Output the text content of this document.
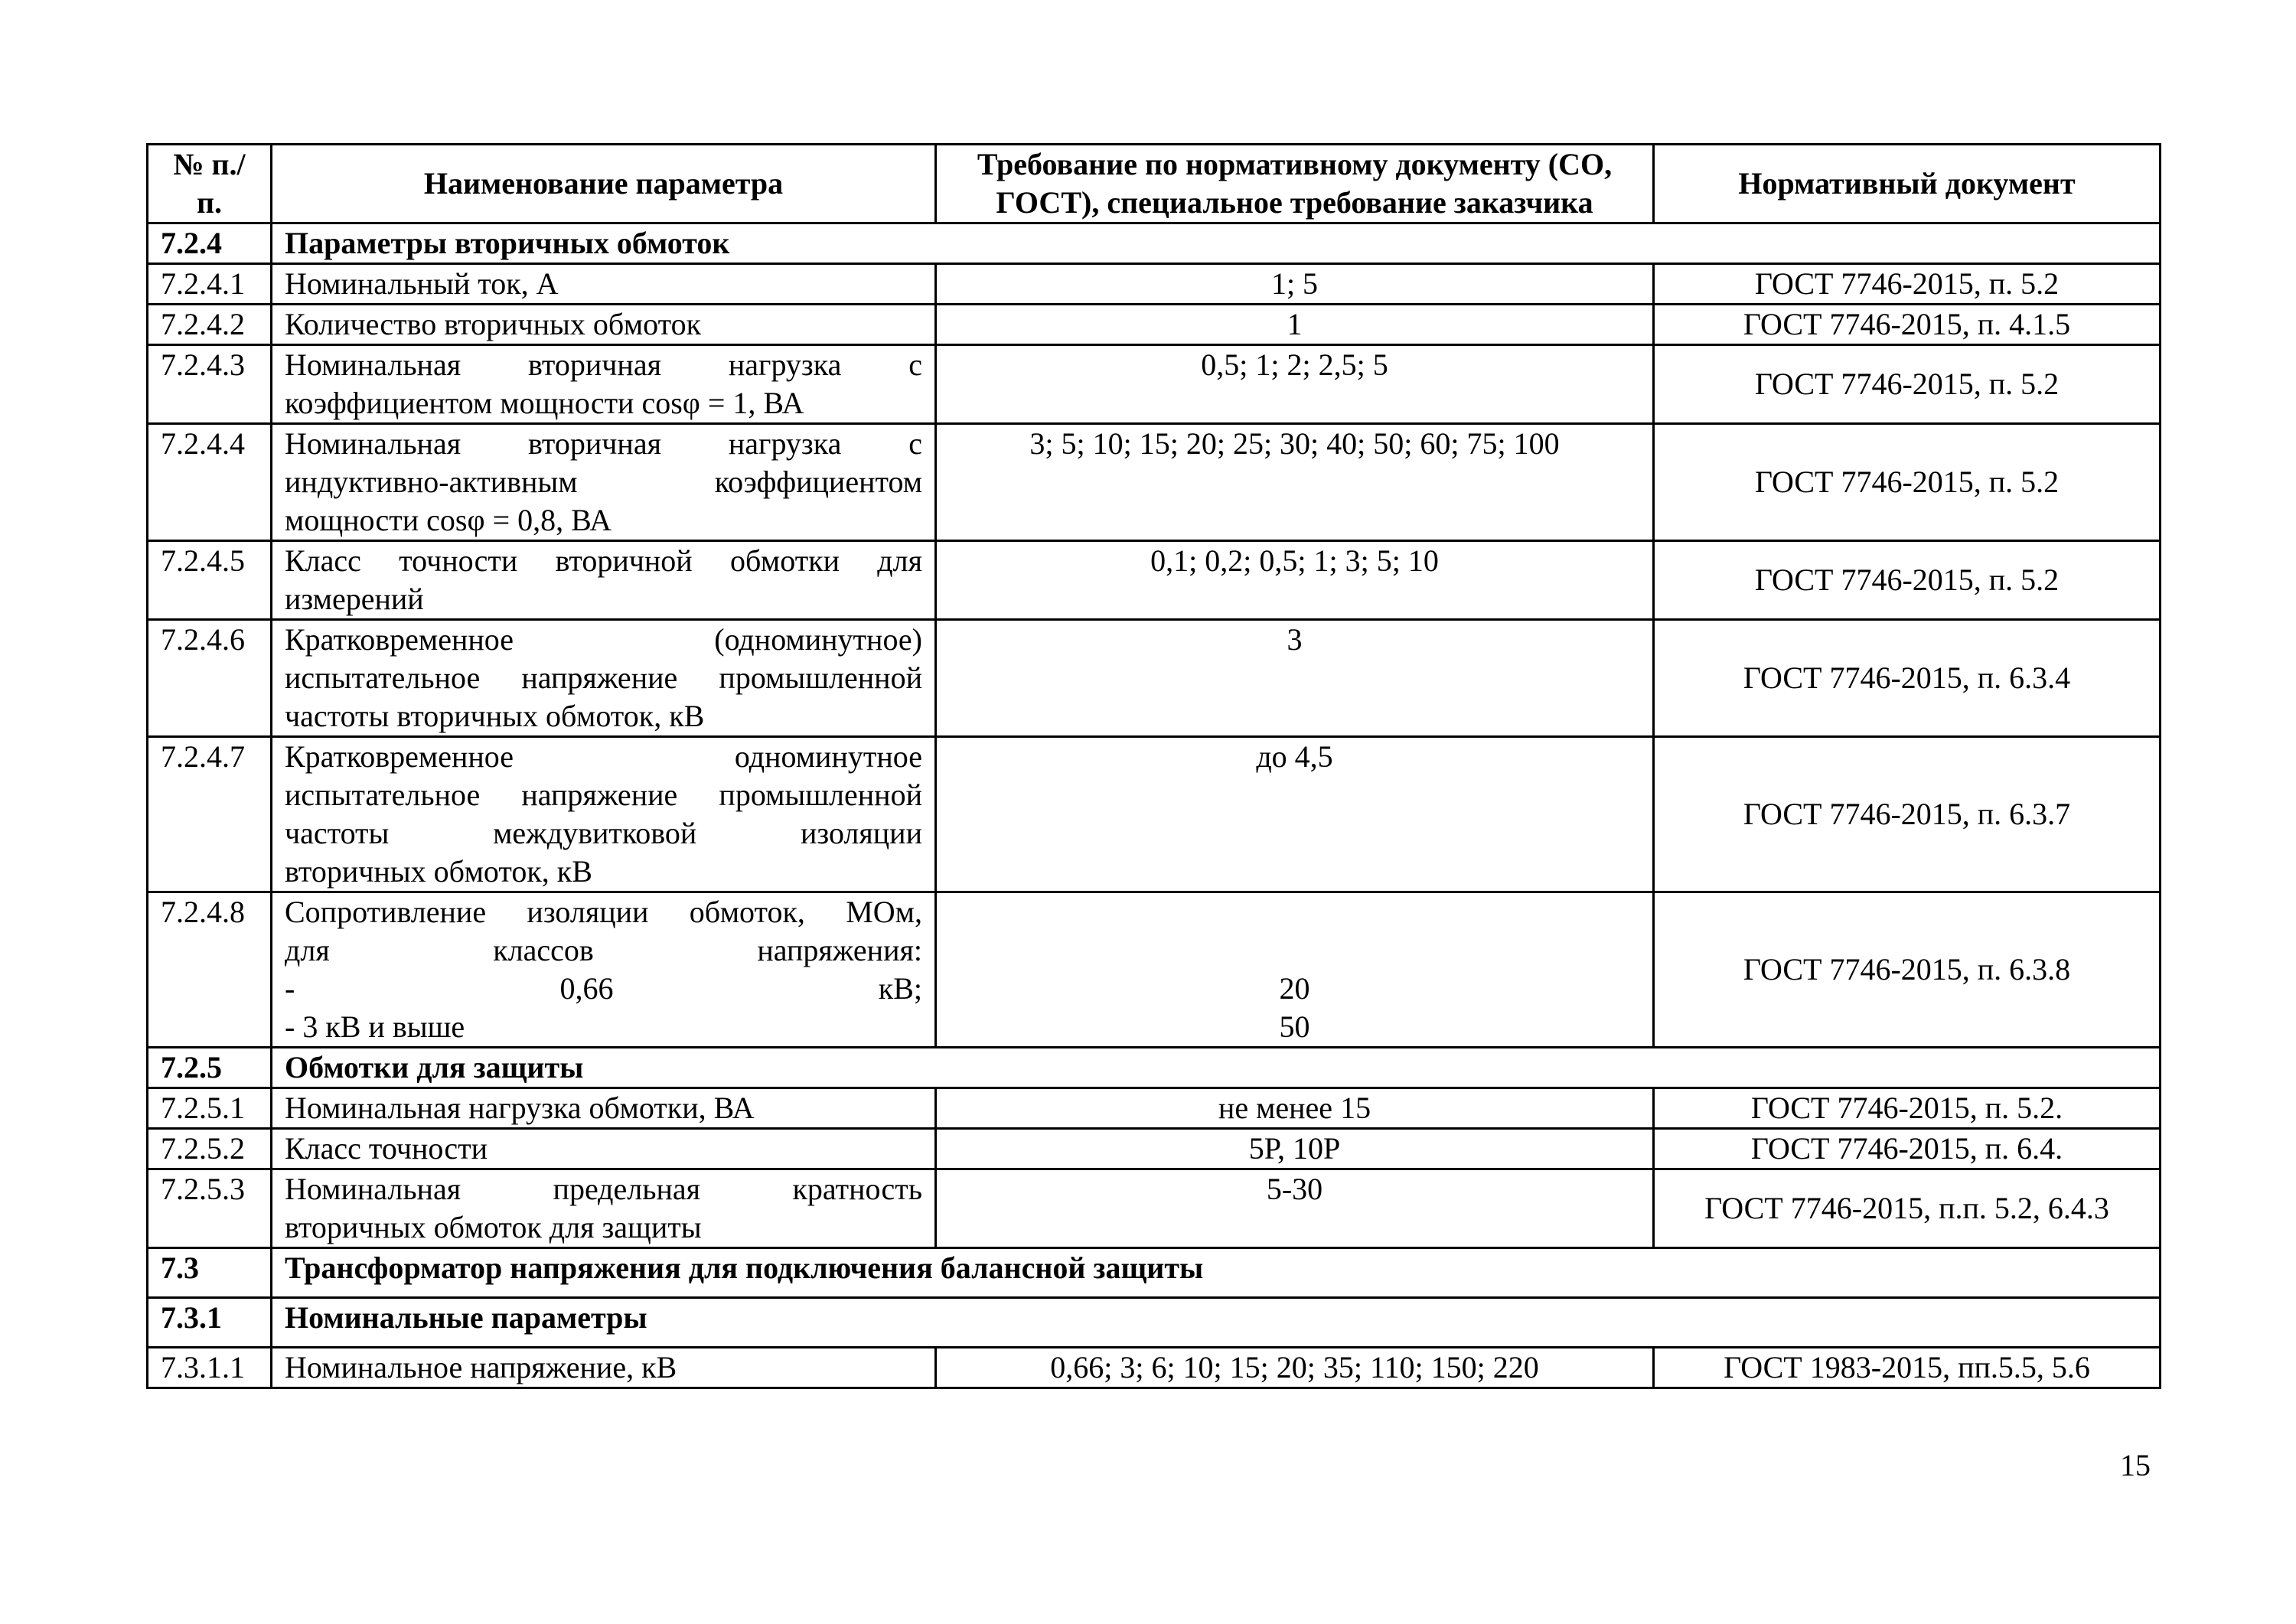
№ п./п.	Наименование параметра	Требование по нормативному документу (СО, ГОСТ), специальное требование заказчика	Нормативный документ
7.2.4	Параметры вторичных обмоток		
7.2.4.1	Номинальный ток, А	1; 5	ГОСТ 7746-2015, п. 5.2
7.2.4.2	Количество вторичных обмоток	1	ГОСТ 7746-2015, п. 4.1.5
7.2.4.3	Номинальная вторичная нагрузка с
коэффициентом мощности cosφ = 1, ВА	0,5; 1; 2; 2,5; 5	ГОСТ 7746-2015, п. 5.2
7.2.4.4	Номинальная вторичная нагрузка с
индуктивно-активным коэффициентом
мощности cosφ = 0,8, ВА	3; 5; 10; 15; 20; 25; 30; 40; 50; 60; 75; 100	ГОСТ 7746-2015, п. 5.2
7.2.4.5	Класс точности вторичной обмотки для
измерений	0,1; 0,2; 0,5; 1; 3; 5; 10	ГОСТ 7746-2015, п. 5.2
7.2.4.6	Кратковременное (одноминутное)
испытательное напряжение промышленной
частоты вторичных обмоток, кВ	3	ГОСТ 7746-2015, п. 6.3.4
7.2.4.7	Кратковременное одноминутное
испытательное напряжение промышленной
частоты междувитковой изоляции
вторичных обмоток, кВ	до 4,5	ГОСТ 7746-2015, п. 6.3.7
7.2.4.8	Сопротивление изоляции обмоток, МОм,
для классов напряжения:
- 0,66 кВ;
- 3 кВ и выше	20
50	ГОСТ 7746-2015, п. 6.3.8
7.2.5	Обмотки для защиты		
7.2.5.1	Номинальная нагрузка обмотки, ВА	не менее 15	ГОСТ 7746-2015, п. 5.2.
7.2.5.2	Класс точности	5Р, 10Р	ГОСТ 7746-2015, п. 6.4.
7.2.5.3	Номинальная предельная кратность
вторичных обмоток для защиты	5-30	ГОСТ 7746-2015, п.п. 5.2, 6.4.3
7.3	Трансформатор напряжения для подключения балансной защиты		
7.3.1	Номинальные параметры		
7.3.1.1	Номинальное напряжение, кВ	0,66; 3; 6; 10; 15; 20; 35; 110; 150; 220	ГОСТ 1983-2015, пп.5.5, 5.6
15
